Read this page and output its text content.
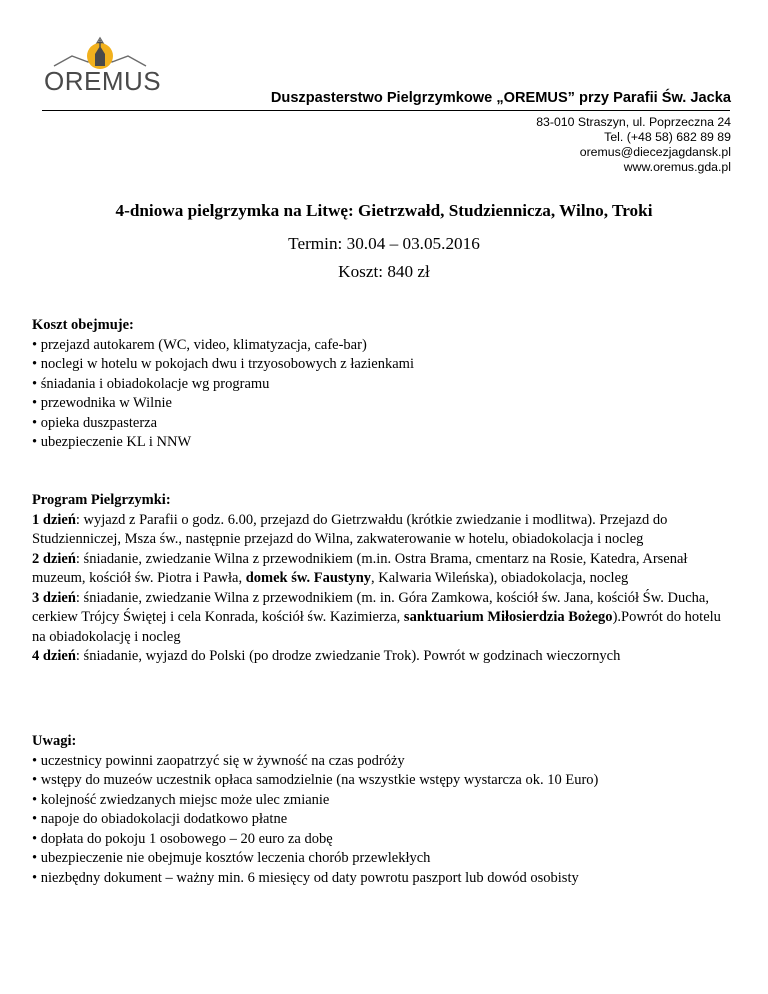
OREMUS
Duszpasterstwo Pielgrzymkowe „OREMUS” przy Parafii Św. Jacka
83-010 Straszyn, ul. Poprzeczna 24
Tel. (+48 58) 682 89 89
oremus@diecezjagdansk.pl
www.oremus.gda.pl
4-dniowa pielgrzymka na Litwę: Gietrzwałd, Studziennicza, Wilno, Troki
Termin: 30.04 – 03.05.2016
Koszt: 840 zł

Koszt obejmuje:

• przejazd autokarem (WC, video, klimatyzacja, cafe-bar)

• noclegi w hotelu w pokojach dwu i trzyosobowych z łazienkami

• śniadania i obiadokolacje wg programu

• przewodnika w Wilnie

• opieka duszpasterza

• ubezpieczenie KL i NNW

Program Pielgrzymki:

1 dzień: wyjazd z Parafii o godz. 6.00, przejazd do Gietrzwałdu (krótkie zwiedzanie i modlitwa). Przejazd do Studzienniczej, Msza św., następnie przejazd do Wilna, zakwaterowanie w hotelu, obiadokolacja i nocleg

2 dzień: śniadanie, zwiedzanie Wilna z przewodnikiem (m.in. Ostra Brama, cmentarz na Rosie, Katedra, Arsenał muzeum, kościół św. Piotra i Pawła, domek św. Faustyny, Kalwaria Wileńska), obiadokolacja, nocleg

3 dzień: śniadanie, zwiedzanie Wilna z przewodnikiem (m. in. Góra Zamkowa, kościół św. Jana, kościół Św. Ducha, cerkiew Trójcy Świętej i cela Konrada, kościół św. Kazimierza, sanktuarium Miłosierdzia Bożego).Powrót do hotelu na obiadokolację i nocleg

4 dzień: śniadanie, wyjazd do Polski (po drodze zwiedzanie Trok). Powrót w godzinach wieczornych

Uwagi:

• uczestnicy powinni zaopatrzyć się w żywność na czas podróży

• wstępy do muzeów uczestnik opłaca samodzielnie (na wszystkie wstępy wystarcza ok. 10 Euro)

• kolejność zwiedzanych miejsc może ulec zmianie

• napoje do obiadokolacji dodatkowo płatne

• dopłata do pokoju 1 osobowego – 20 euro za dobę

• ubezpieczenie nie obejmuje kosztów leczenia chorób przewlekłych

• niezbędny dokument – ważny min. 6 miesięcy od daty powrotu paszport lub dowód osobisty
